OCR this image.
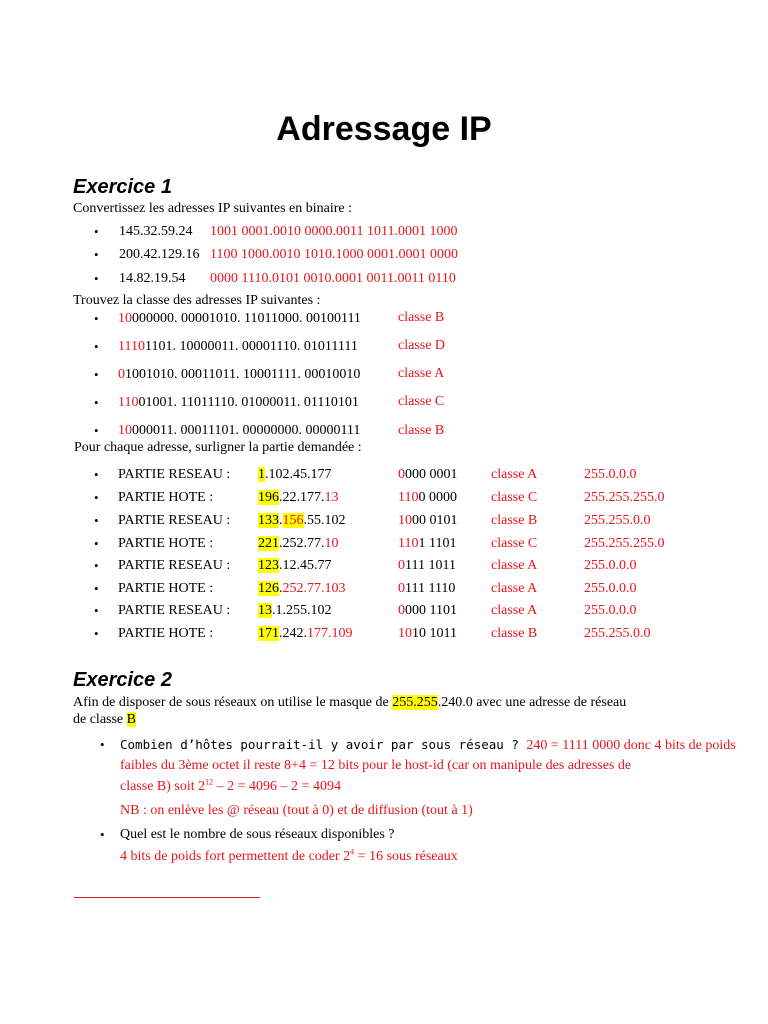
Adressage IP
Exercice 1
Convertissez les adresses IP suivantes en binaire :
• 145.32.59.24 1001 0001.0010 0000.0011 1011.0001 1000
• 200.42.129.16 1100 1000.0010 1010.1000 0001.0001 0000
• 14.82.19.54 0000 1110.0101 0010.0001 0011.0011 0110
Trouvez la classe des adresses IP suivantes :
• 10000000. 00001010. 11011000. 00100111	classe B
• 11101101. 10000011. 00001110. 01011111	classe D
• 01001010. 00011011. 10001111. 00010010	classe A
• 11001001. 11011110. 01000011. 01110101	classe C
• 10000011. 00011101. 00000000. 00000111	classe B
Pour chaque adresse, surligner la partie demandée :
• PARTIE RESEAU : 1.102.45.177	0000 0001 classe A	255.0.0.0
• PARTIE HOTE :	196.22.177.13	1100 0000 classe C	255.255.255.0
• PARTIE RESEAU : 133.156.55.102	1000 0101 classe B	255.255.0.0
• PARTIE HOTE :	221.252.77.10	1101 1101 classe C	255.255.255.0
• PARTIE RESEAU : 123.12.45.77	0111 1011	classe A	255.0.0.0
• PARTIE HOTE :	126.252.77.103	0111 1110	classe A	255.0.0.0
• PARTIE RESEAU : 13.1.255.102	0000 1101 classe A	255.0.0.0
• PARTIE HOTE :	171.242.177.109	1010 1011 classe B	255.255.0.0
Exercice 2
Afin de disposer de sous réseaux on utilise le masque de 255.255.240.0 avec une adresse de réseau
de classe B
• Combien d’hôtes pourrait-il y avoir par sous réseau ? 240 = 1111 0000 donc 4 bits de poids
faibles du 3ème octet il reste 8+4 = 12 bits pour le host-id (car on manipule des adresses de
classe B) soit $2^{12} - 2 = 4096 - 2 = 4094$
NB : on enlève les @ réseau (tout à 0) et de diffusion (tout à 1)
• Quel est le nombre de sous réseaux disponibles ?
4 bits de poids fort permettent de coder $2^4 = 16$ sous réseaux
